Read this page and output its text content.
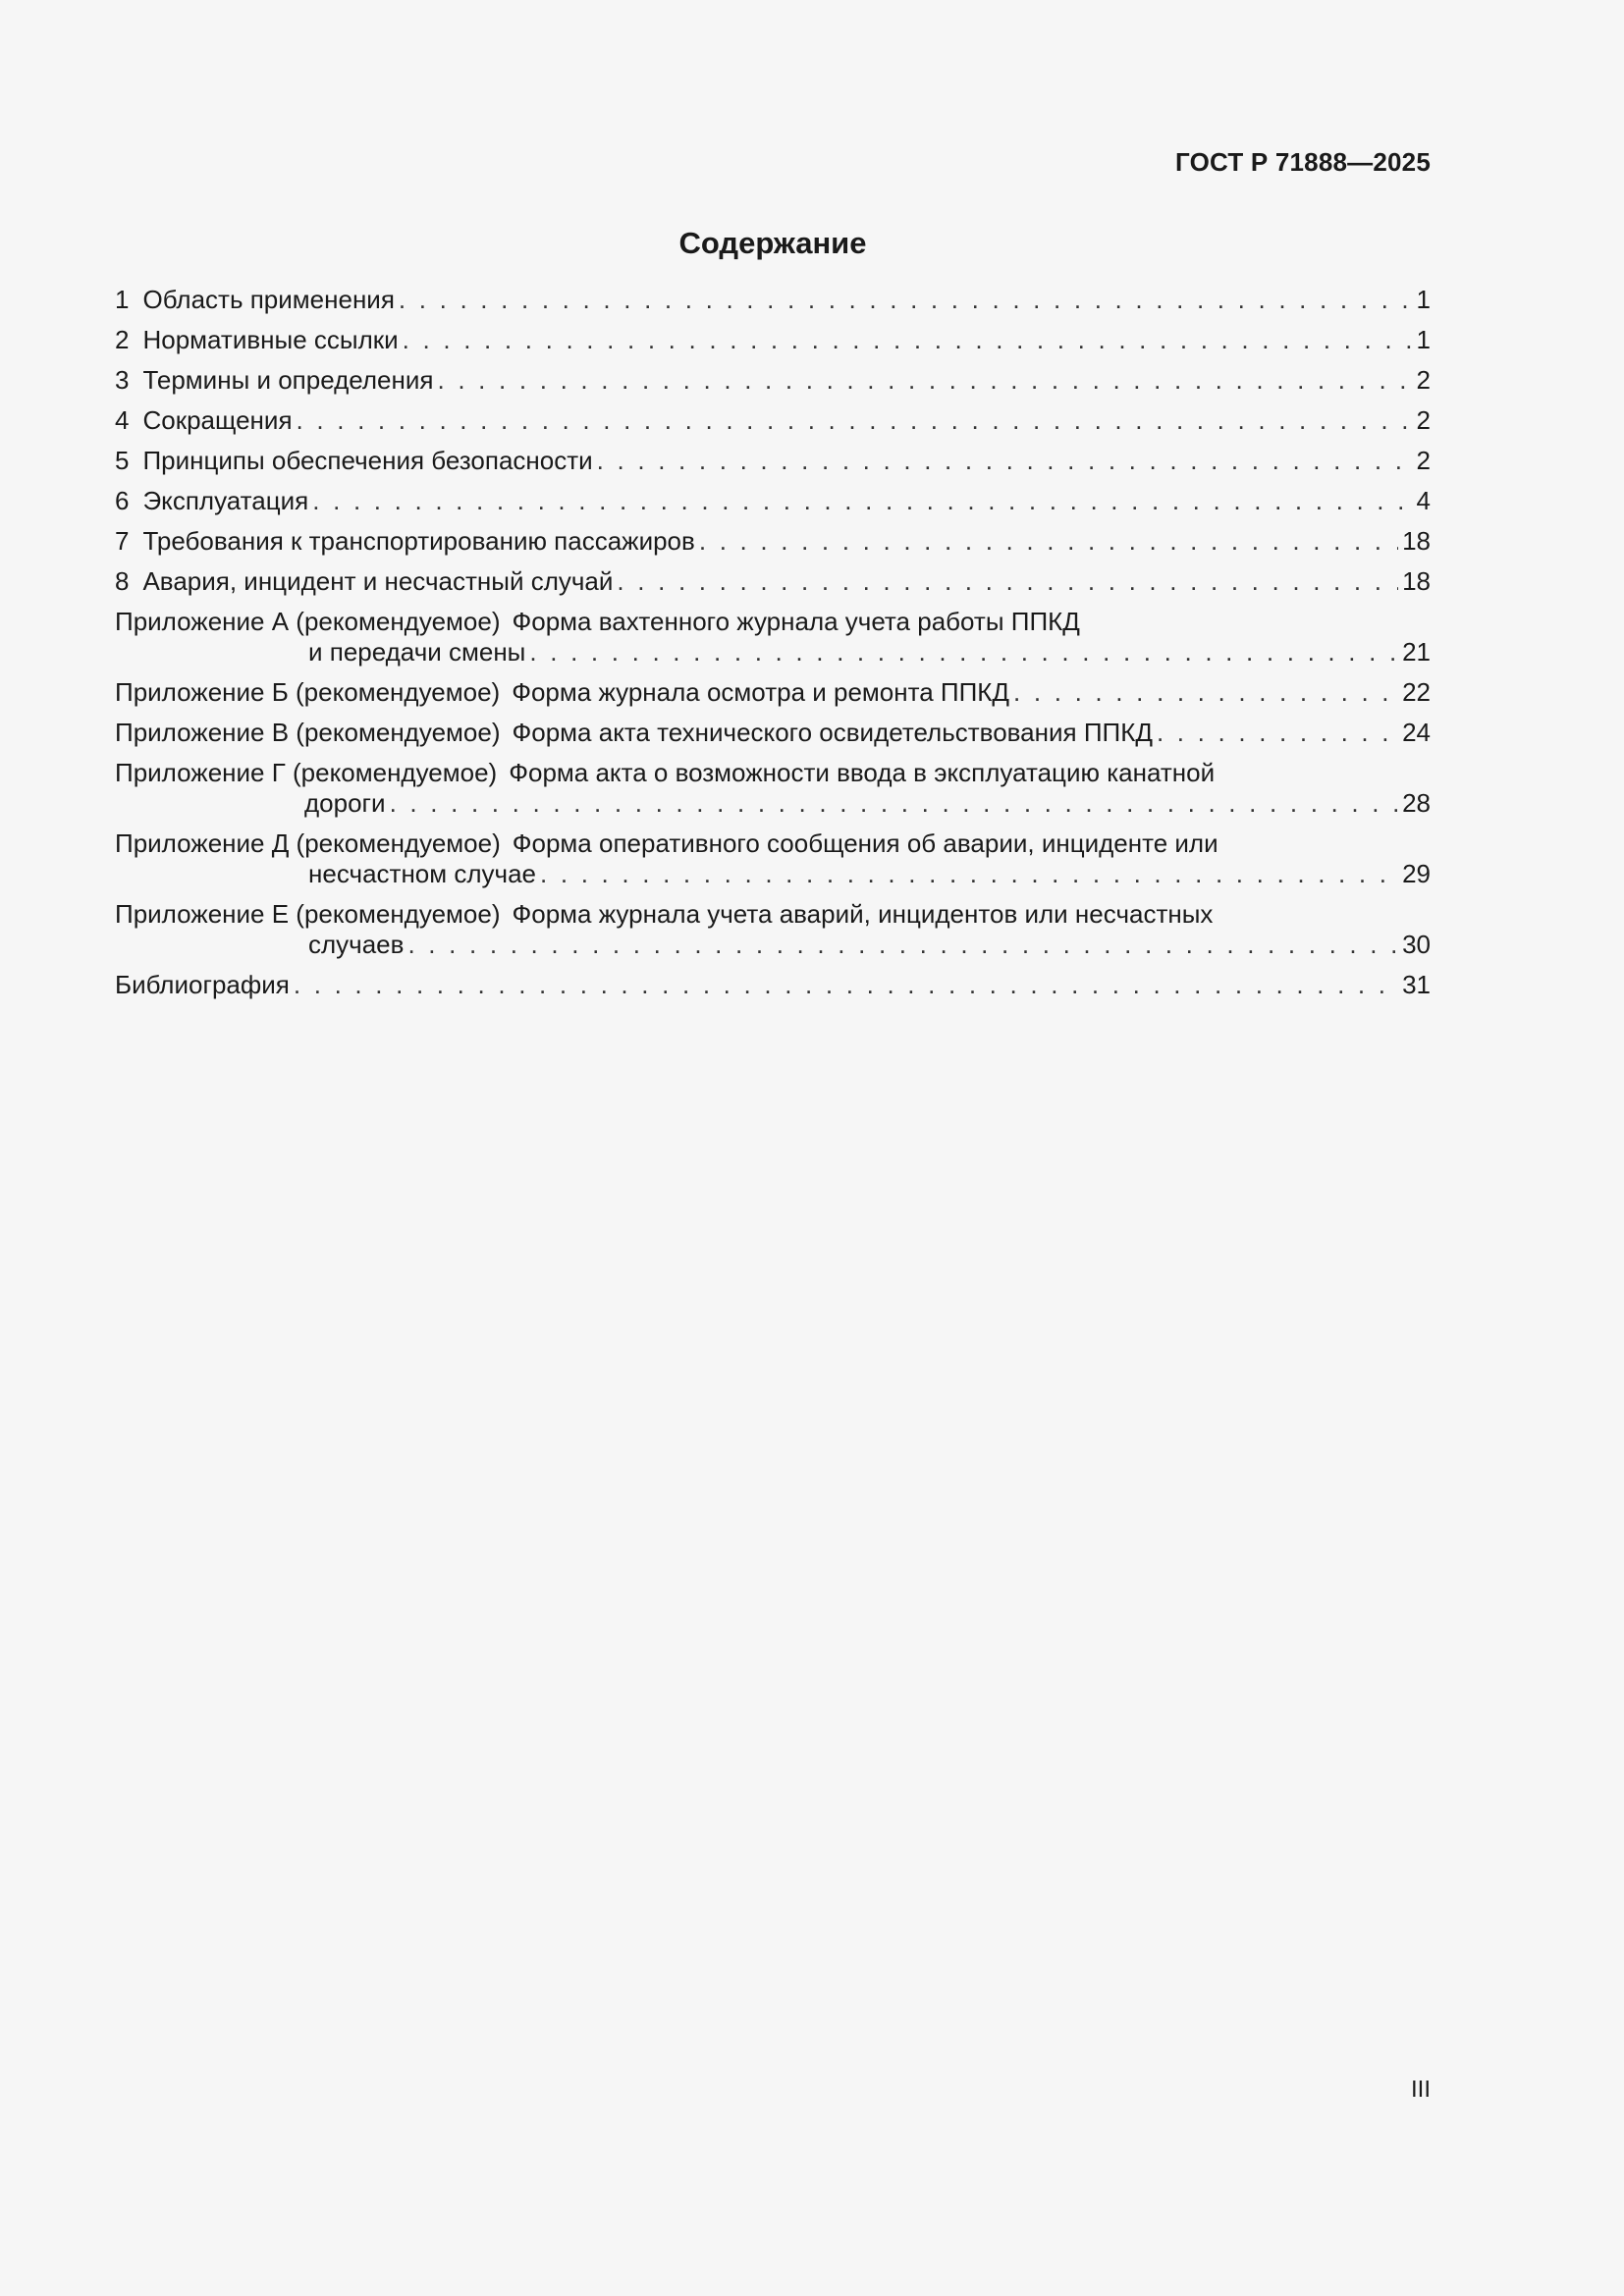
ГОСТ Р 71888—2025
Содержание
1 Область применения . . .	1
2 Нормативные ссылки . . .	1
3 Термины и определения . . .	2
4 Сокращения . . .	2
5 Принципы обеспечения безопасности . . .	2
6 Эксплуатация . . .	4
7 Требования к транспортированию пассажиров . . .	18
8 Авария, инцидент и несчастный случай . . .	18
Приложение А (рекомендуемое) Форма вахтенного журнала учета работы ППКД
и передачи смены . . .	21
Приложение Б (рекомендуемое) Форма журнала осмотра и ремонта ППКД . . .	22
Приложение В (рекомендуемое) Форма акта технического освидетельствования ППКД . . .	24
Приложение Г (рекомендуемое) Форма акта о возможности ввода в эксплуатацию канатной
дороги . . .	28
Приложение Д (рекомендуемое) Форма оперативного сообщения об аварии, инциденте или
несчастном случае . . .	29
Приложение Е (рекомендуемое) Форма журнала учета аварий, инцидентов или несчастных
случаев . . .	30
Библиография . . .	31
III
